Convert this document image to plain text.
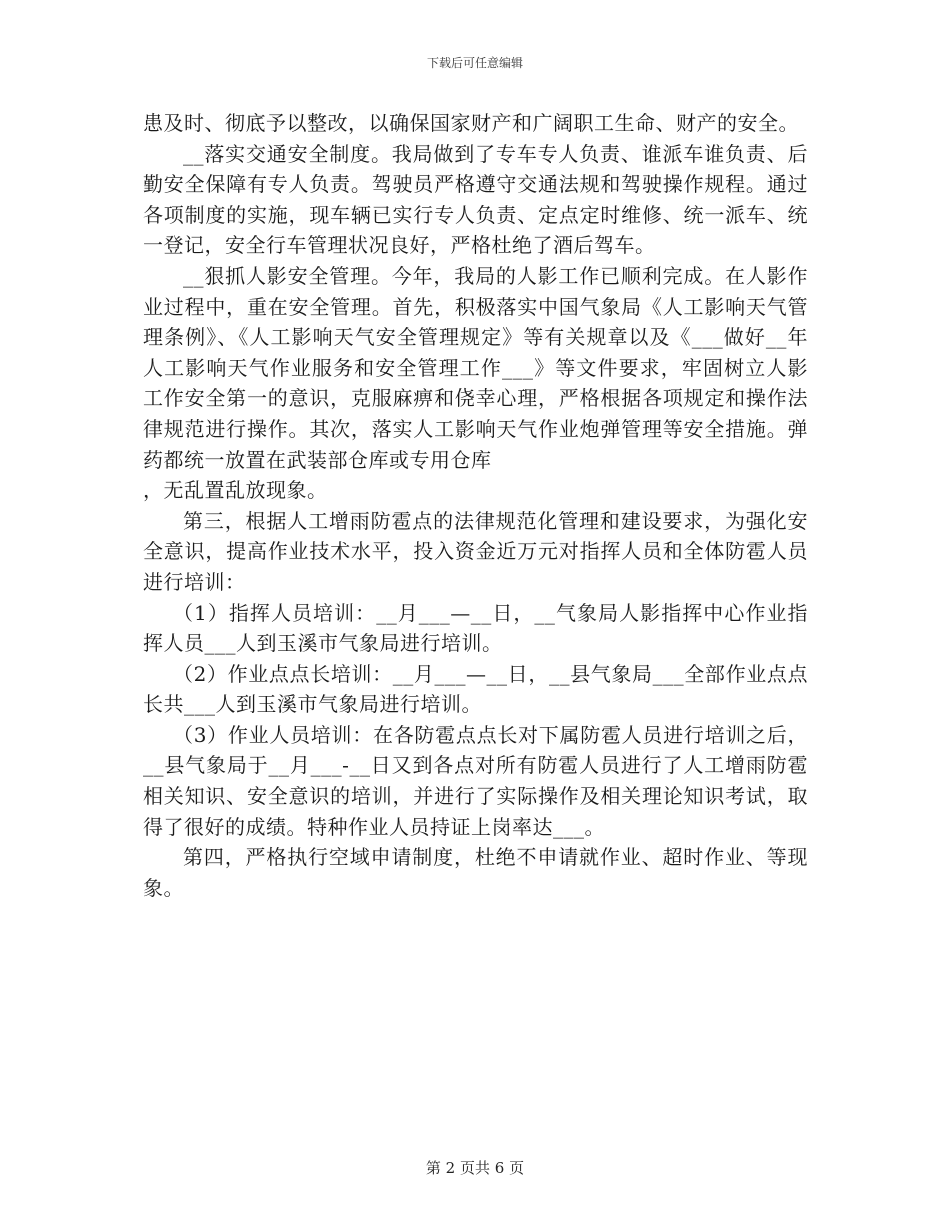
下载后可任意编辑

患及时、彻底予以整改，以确保国家财产和广阔职工生命、财产的安全。

__落实交通安全制度。我局做到了专车专人负责、谁派车谁负责、后勤安全保障有专人负责。驾驶员严格遵守交通法规和驾驶操作规程。通过各项制度的实施，现车辆已实行专人负责、定点定时维修、统一派车、统一登记，安全行车管理状况良好，严格杜绝了酒后驾车。

__狠抓人影安全管理。今年，我局的人影工作已顺利完成。在人影作业过程中，重在安全管理。首先，积极落实中国气象局《人工影响天气管理条例》、《人工影响天气安全管理规定》等有关规章以及《___做好__年人工影响天气作业服务和安全管理工作___》等文件要求，牢固树立人影工作安全第一的意识，克服麻痹和侥幸心理，严格根据各项规定和操作法律规范进行操作。其次，落实人工影响天气作业炮弹管理等安全措施。弹药都统一放置在武装部仓库或专用仓库
，无乱置乱放现象。

第三，根据人工增雨防雹点的法律规范化管理和建设要求，为强化安全意识，提高作业技术水平，投入资金近万元对指挥人员和全体防雹人员进行培训：

（1）指挥人员培训：__月___—__日，__气象局人影指挥中心作业指挥人员___人到玉溪市气象局进行培训。

（2）作业点点长培训：__月___—__日，__县气象局___全部作业点点长共___人到玉溪市气象局进行培训。

（3）作业人员培训：在各防雹点点长对下属防雹人员进行培训之后，__县气象局于__月___-__日又到各点对所有防雹人员进行了人工增雨防雹相关知识、安全意识的培训，并进行了实际操作及相关理论知识考试，取得了很好的成绩。特种作业人员持证上岗率达___。

第四，严格执行空域申请制度，杜绝不申请就作业、超时作业、等现象。

第 2 页共 6 页
